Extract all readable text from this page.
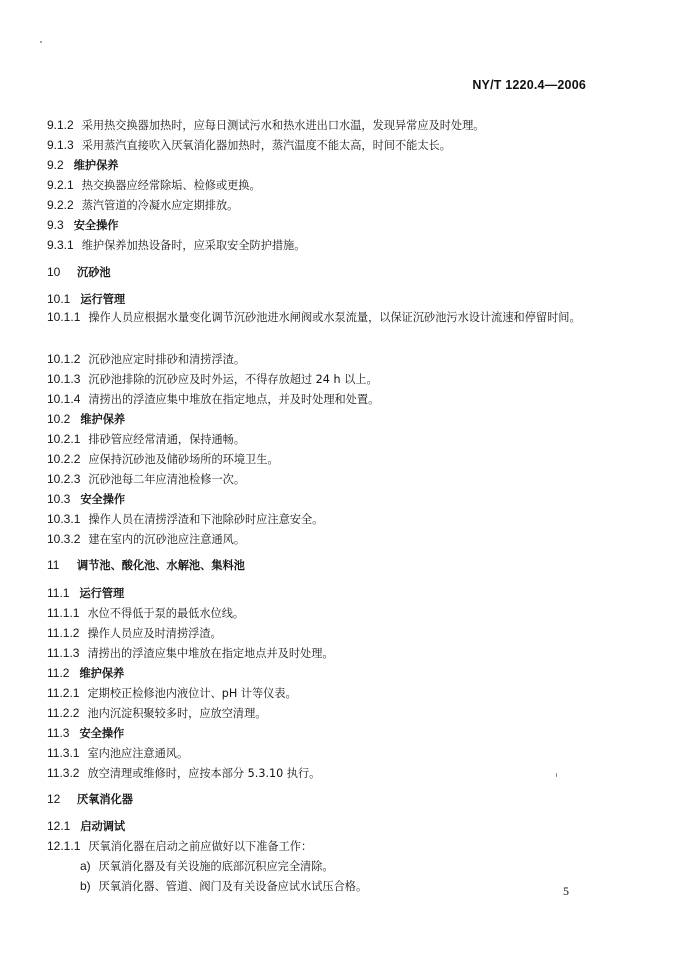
NY/T 1220.4—2006
9.1.2 采用热交换器加热时，应每日测试污水和热水进出口水温，发现异常应及时处理。
9.1.3 采用蒸汽直接吹入厌氧消化器加热时，蒸汽温度不能太高，时间不能太长。
9.2 维护保养
9.2.1 热交换器应经常除垢、检修或更换。
9.2.2 蒸汽管道的冷凝水应定期排放。
9.3 安全操作
9.3.1 维护保养加热设备时，应采取安全防护措施。
10 沉砂池
10.1 运行管理
10.1.1 操作人员应根据水量变化调节沉砂池进水闸阀或水泵流量，以保证沉砂池污水设计流速和停留时间。
10.1.2 沉砂池应定时排砂和清捞浮渣。
10.1.3 沉砂池排除的沉砂应及时外运，不得存放超过 24 h 以上。
10.1.4 清捞出的浮渣应集中堆放在指定地点，并及时处理和处置。
10.2 维护保养
10.2.1 排砂管应经常清通，保持通畅。
10.2.2 应保持沉砂池及储砂场所的环境卫生。
10.2.3 沉砂池每二年应清池检修一次。
10.3 安全操作
10.3.1 操作人员在清捞浮渣和下池除砂时应注意安全。
10.3.2 建在室内的沉砂池应注意通风。
11 调节池、酸化池、水解池、集料池
11.1 运行管理
11.1.1 水位不得低于泵的最低水位线。
11.1.2 操作人员应及时清捞浮渣。
11.1.3 清捞出的浮渣应集中堆放在指定地点并及时处理。
11.2 维护保养
11.2.1 定期校正检修池内液位计、pH 计等仪表。
11.2.2 池内沉淀积聚较多时，应放空清理。
11.3 安全操作
11.3.1 室内池应注意通风。
11.3.2 放空清理或维修时，应按本部分 5.3.10 执行。
12 厌氧消化器
12.1 启动调试
12.1.1 厌氧消化器在启动之前应做好以下准备工作：
a) 厌氧消化器及有关设施的底部沉积应完全清除。
b) 厌氧消化器、管道、阀门及有关设备应试水试压合格。	5
